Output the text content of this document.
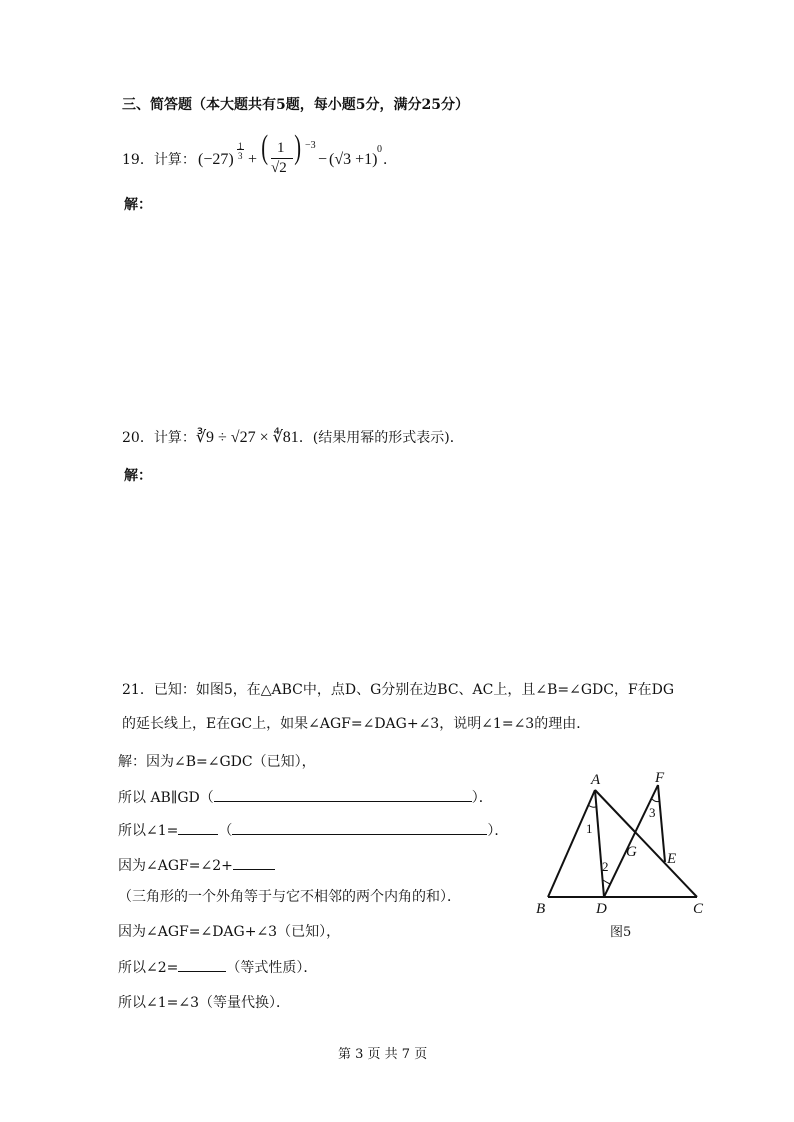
三、简答题（本大题共有5题，每小题5分，满分25分）
19．计算： (−27)
1
3 + ( 1
√2
) −3
− (√3 +1)
0
．
解：
20．计算：∛9 ÷ √27 × ∜81．(结果用幂的形式表示)．
解：
21．已知：如图5，在△ABC中，点D、G分别在边BC、AC上，且∠B=∠GDC，F在DG
的延长线上，E在GC上，如果∠AGF=∠DAG+∠3，说明∠1=∠3的理由．
解：因为∠B=∠GDC（已知），
所以 AB∥GD（	）．
所以∠1=	（	）．
因为∠AGF=∠2+
（三角形的一个外角等于与它不相邻的两个内角的和）．
因为∠AGF=∠DAG+∠3（已知），
所以∠2=	（等式性质）．
所以∠1=∠3（等量代换）．
A
B	C
D
E
F
G
1
2
3
图5
第 3 页 共 7 页
